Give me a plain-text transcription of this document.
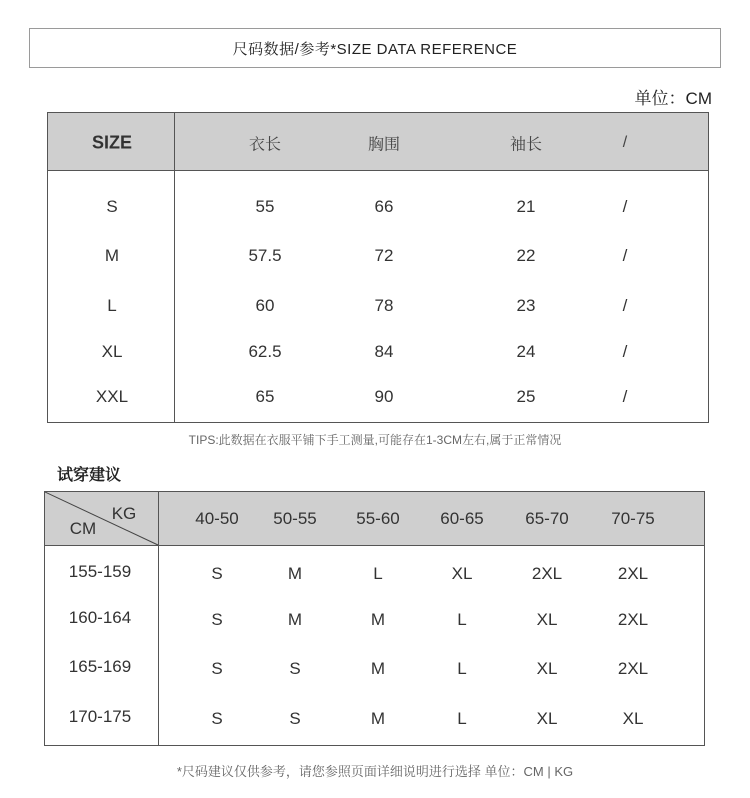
尺码数据/参考*SIZE DATA REFERENCE
单位：CM
SIZE	衣长	胸围	袖长	/
S	55	66	21	/
M	57.5	72	22	/
L	60	78	23	/
XL	62.5	84	24	/
XXL	65	90	25	/
TIPS:此数据在衣服平铺下手工测量,可能存在1-3CM左右,属于正常情况
试穿建议
KG
CM
40-50 50-55 55-60 60-65 65-70	70-75
155-159	S	M	L	XL	2XL	2XL
160-164	S	M	M	L	XL	2XL
165-169	S	S	M	L	XL	2XL
170-175	S	S	M	L	XL	XL
*尺码建议仅供参考，请您参照页面详细说明进行选择 单位：CM | KG
